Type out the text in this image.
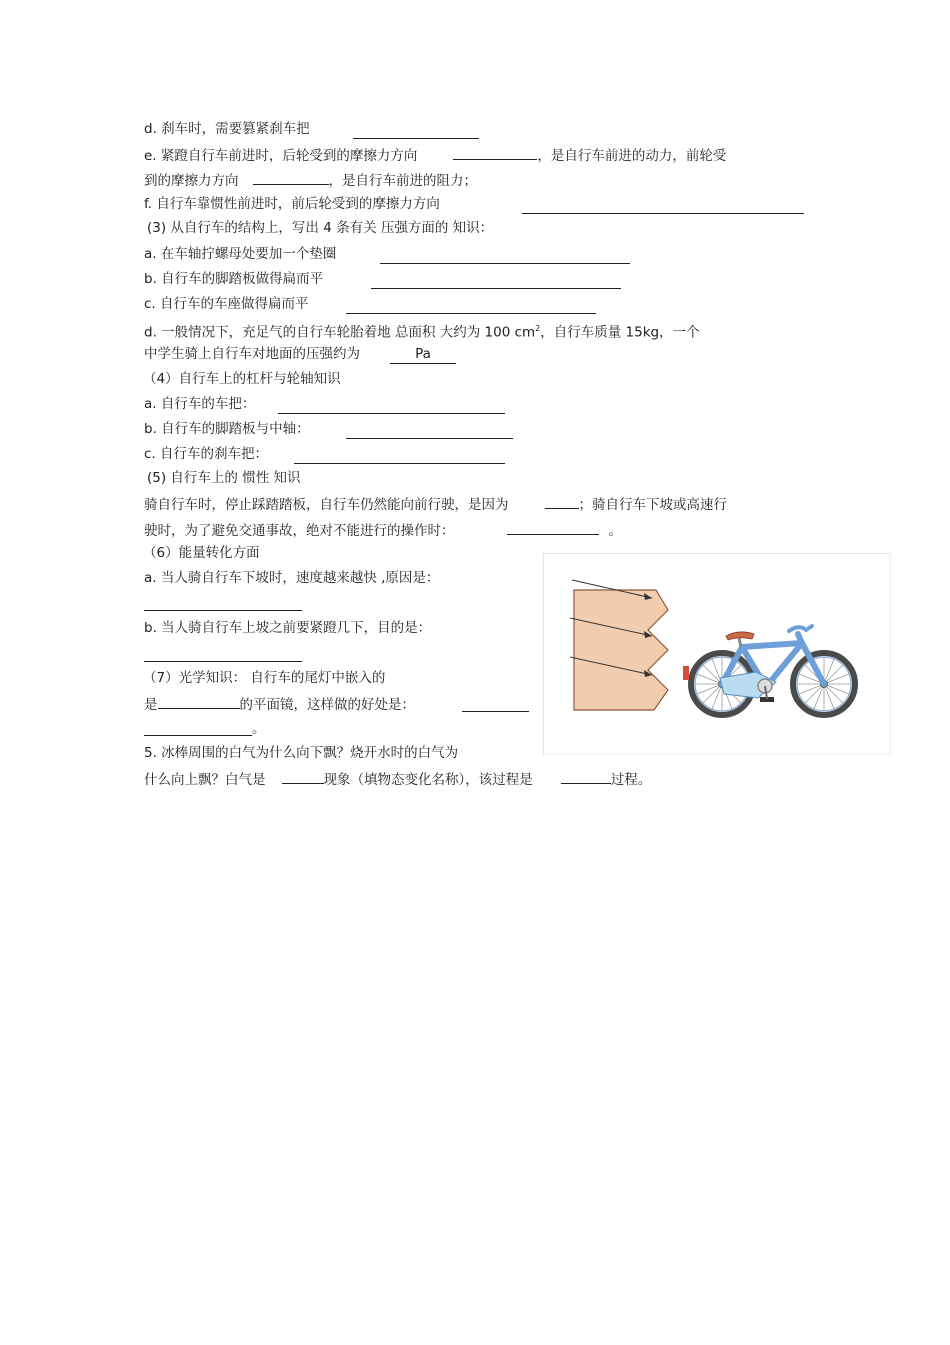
d. 刹车时，需要篡紧刹车把
e. 紧蹬自行车前进时，后轮受到的摩擦力方向	，是自行车前进的动力，前轮受
到的摩擦力方向	，是自行车前进的阻力；
f. 自行车靠惯性前进时，前后轮受到的摩擦力方向
(3) 从自行车的结构上，写出 4 条有关 压强方面的 知识：
a. 在车轴拧螺母处要加一个垫圈
b. 自行车的脚踏板做得扁而平
c. 自行车的车座做得扁而平
d. 一般情况下，充足气的自行车轮胎着地 总面积 大约为 100 $cm^2$，自行车质量 15kg，一个
中学生骑上自行车对地面的压强约为	Pa
（4）自行车上的杠杆与轮轴知识
a. 自行车的车把：
b. 自行车的脚踏板与中轴：
c. 自行车的刹车把：
(5) 自行车上的 惯性 知识
骑自行车时，停止踩踏踏板，自行车仍然能向前行驶，是因为	；骑自行车下坡或高速行
驶时，为了避免交通事故，绝对不能进行的操作时：	。
（6）能量转化方面
a. 当人骑自行车下坡时，速度越来越快 ,原因是：
b. 当人骑自行车上坡之前要紧蹬几下，目的是：
（7）光学知识： 自行车的尾灯中嵌入的
是	的平面镜，这样做的好处是：
。
5. 冰棒周围的白气为什么向下飘？烧开水时的白气为
什么向上飘？白气是	现象（填物态变化名称），该过程是	过程。
